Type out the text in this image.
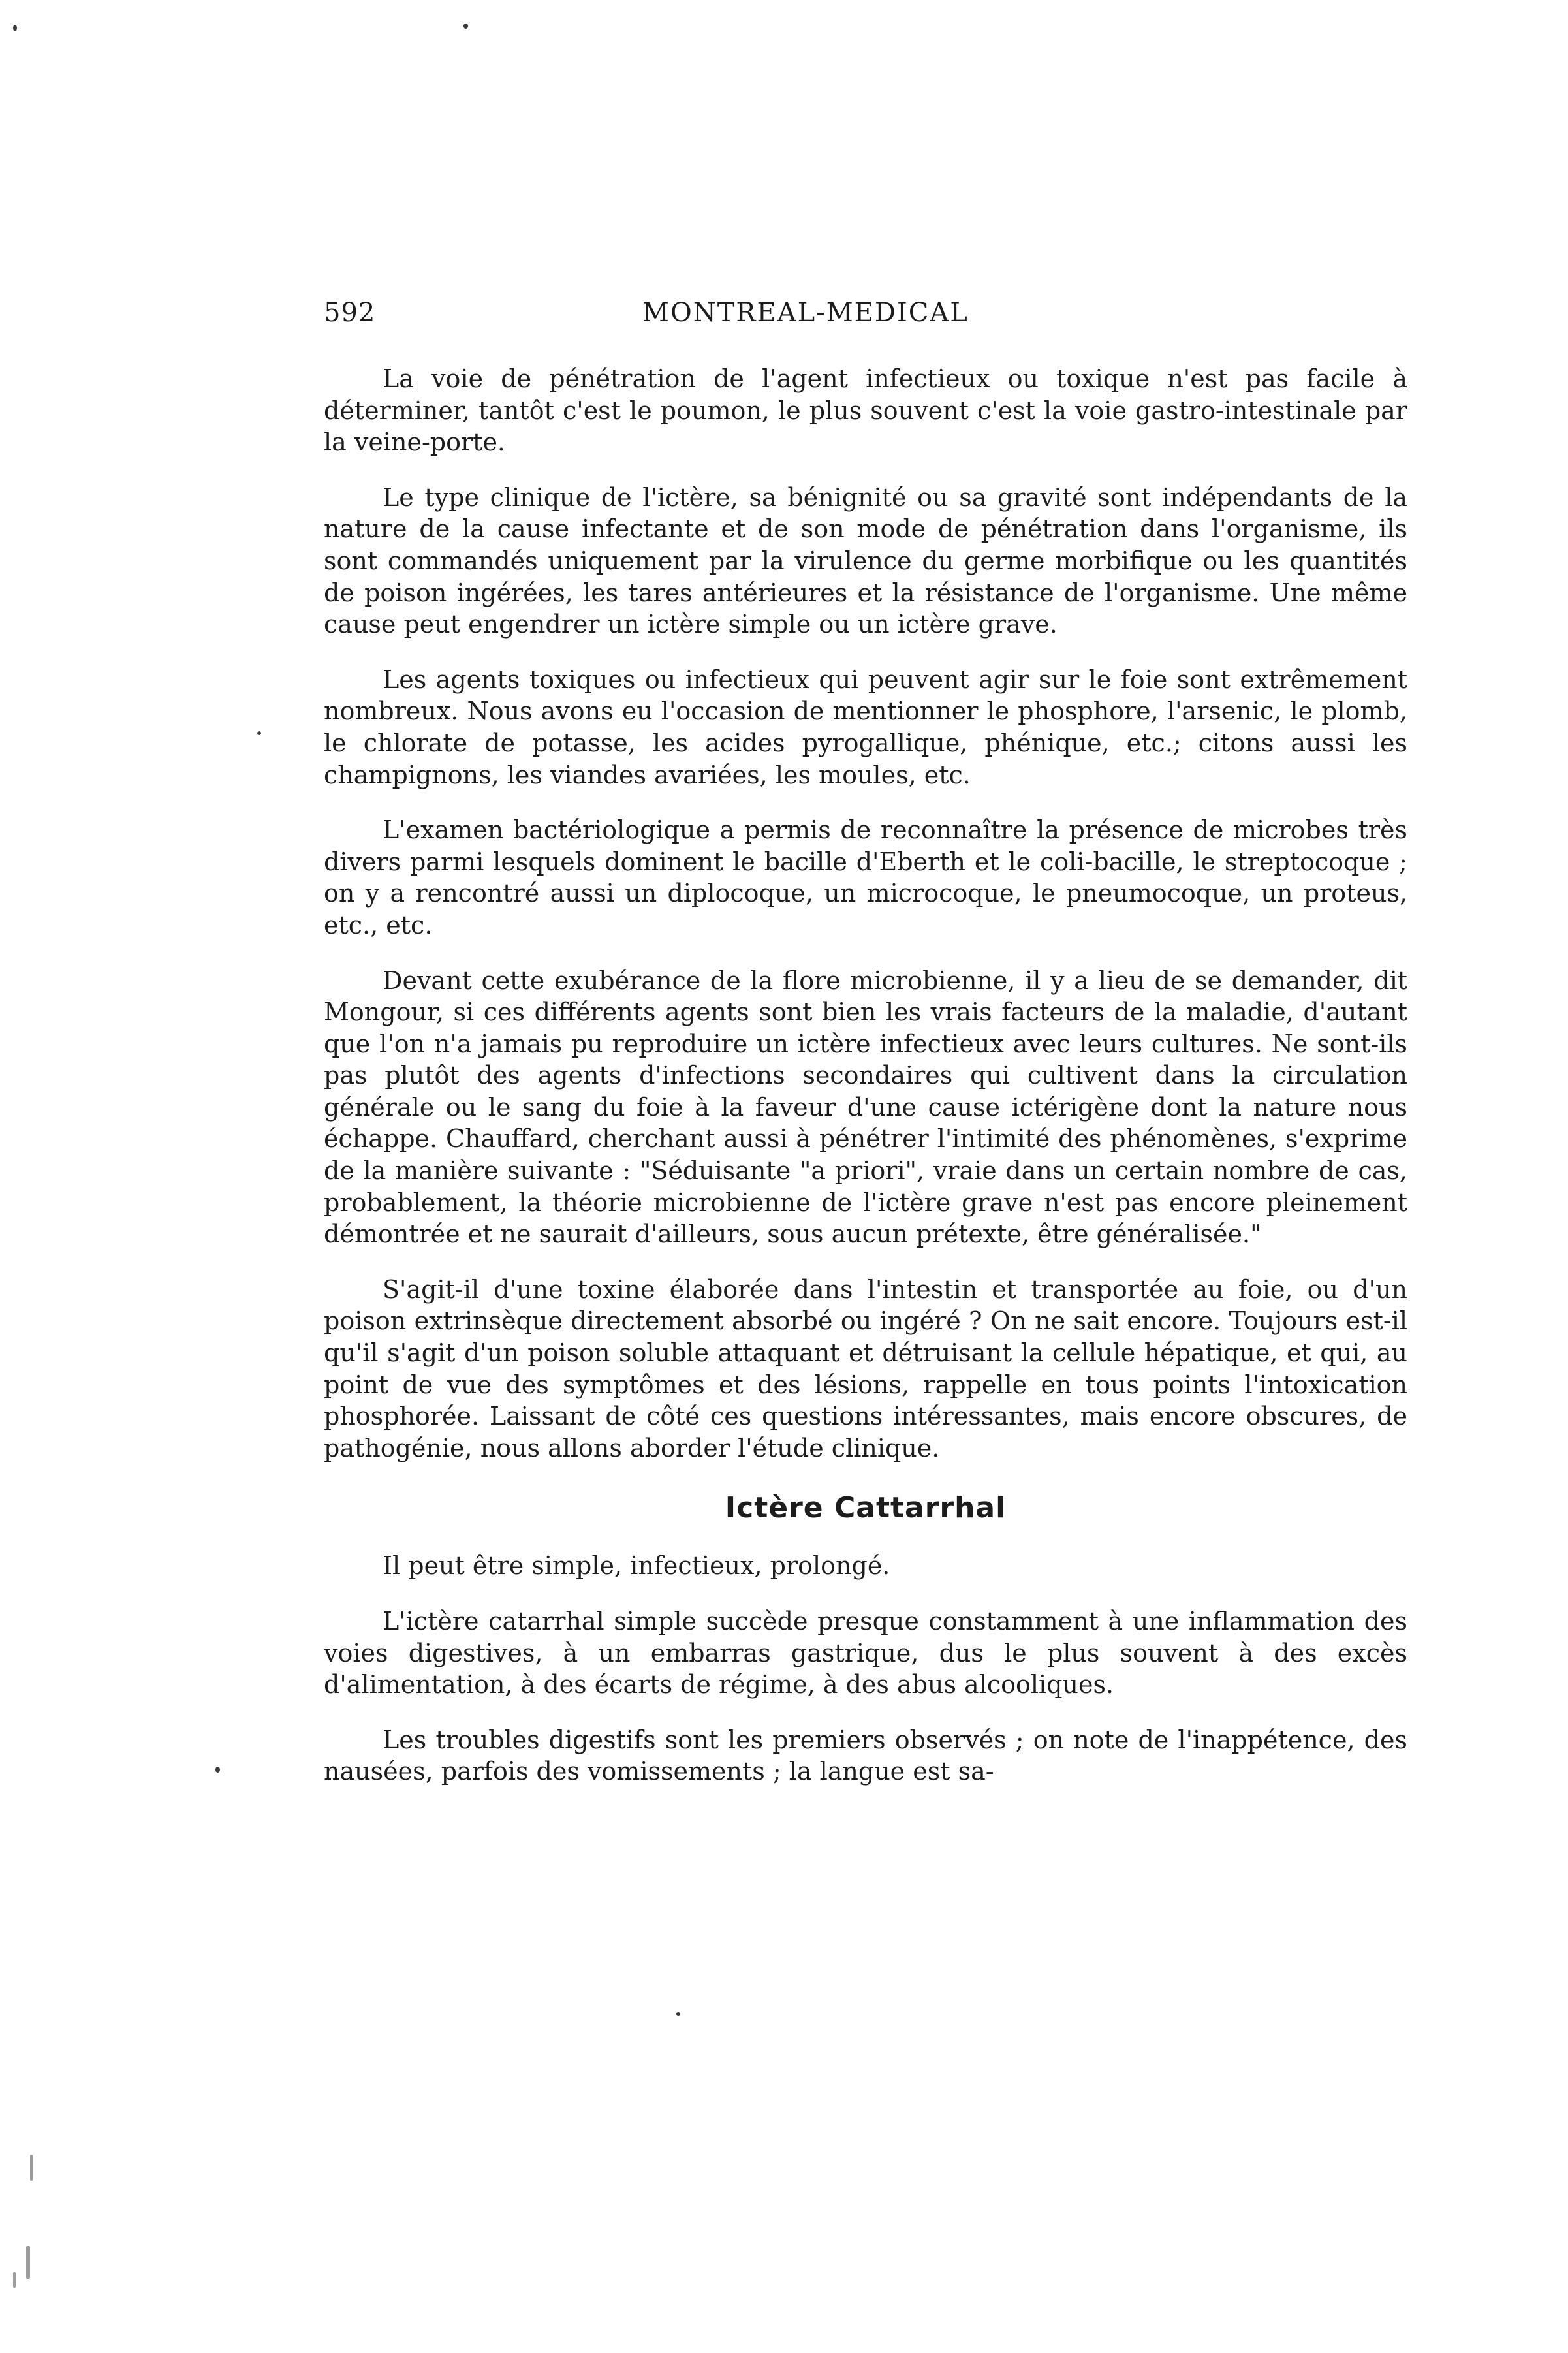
592	MONTREAL-MEDICAL

La voie de pénétration de l'agent infectieux ou toxique n'est pas facile à déterminer, tantôt c'est le poumon, le plus souvent c'est la voie gastro-intestinale par la veine-porte.

Le type clinique de l'ictère, sa bénignité ou sa gravité sont indépendants de la nature de la cause infectante et de son mode de pénétration dans l'organisme, ils sont commandés uniquement par la virulence du germe morbifique ou les quantités de poison ingérées, les tares antérieures et la résistance de l'organisme. Une même cause peut engendrer un ictère simple ou un ictère grave.

Les agents toxiques ou infectieux qui peuvent agir sur le foie sont extrêmement nombreux. Nous avons eu l'occasion de mentionner le phosphore, l'arsenic, le plomb, le chlorate de potasse, les acides pyrogallique, phénique, etc.; citons aussi les champignons, les viandes avariées, les moules, etc.

L'examen bactériologique a permis de reconnaître la présence de microbes très divers parmi lesquels dominent le bacille d'Eberth et le coli-bacille, le streptocoque ; on y a rencontré aussi un diplocoque, un microcoque, le pneumocoque, un proteus, etc., etc.

Devant cette exubérance de la flore microbienne, il y a lieu de se demander, dit Mongour, si ces différents agents sont bien les vrais facteurs de la maladie, d'autant que l'on n'a jamais pu reproduire un ictère infectieux avec leurs cultures. Ne sont-ils pas plutôt des agents d'infections secondaires qui cultivent dans la circulation générale ou le sang du foie à la faveur d'une cause ictérigène dont la nature nous échappe. Chauffard, cherchant aussi à pénétrer l'intimité des phénomènes, s'exprime de la manière suivante : "Séduisante "a priori", vraie dans un certain nombre de cas, probablement, la théorie microbienne de l'ictère grave n'est pas encore pleinement démontrée et ne saurait d'ailleurs, sous aucun prétexte, être généralisée."

S'agit-il d'une toxine élaborée dans l'intestin et transportée au foie, ou d'un poison extrinsèque directement absorbé ou ingéré ? On ne sait encore. Toujours est-il qu'il s'agit d'un poison soluble attaquant et détruisant la cellule hépatique, et qui, au point de vue des symptômes et des lésions, rappelle en tous points l'intoxication phosphorée. Laissant de côté ces questions intéressantes, mais encore obscures, de pathogénie, nous allons aborder l'étude clinique.

Ictère Cattarrhal

Il peut être simple, infectieux, prolongé.

L'ictère catarrhal simple succède presque constamment à une inflammation des voies digestives, à un embarras gastrique, dus le plus souvent à des excès d'alimentation, à des écarts de régime, à des abus alcooliques.

Les troubles digestifs sont les premiers observés ; on note de l'inappétence, des nausées, parfois des vomissements ; la langue est sa-
